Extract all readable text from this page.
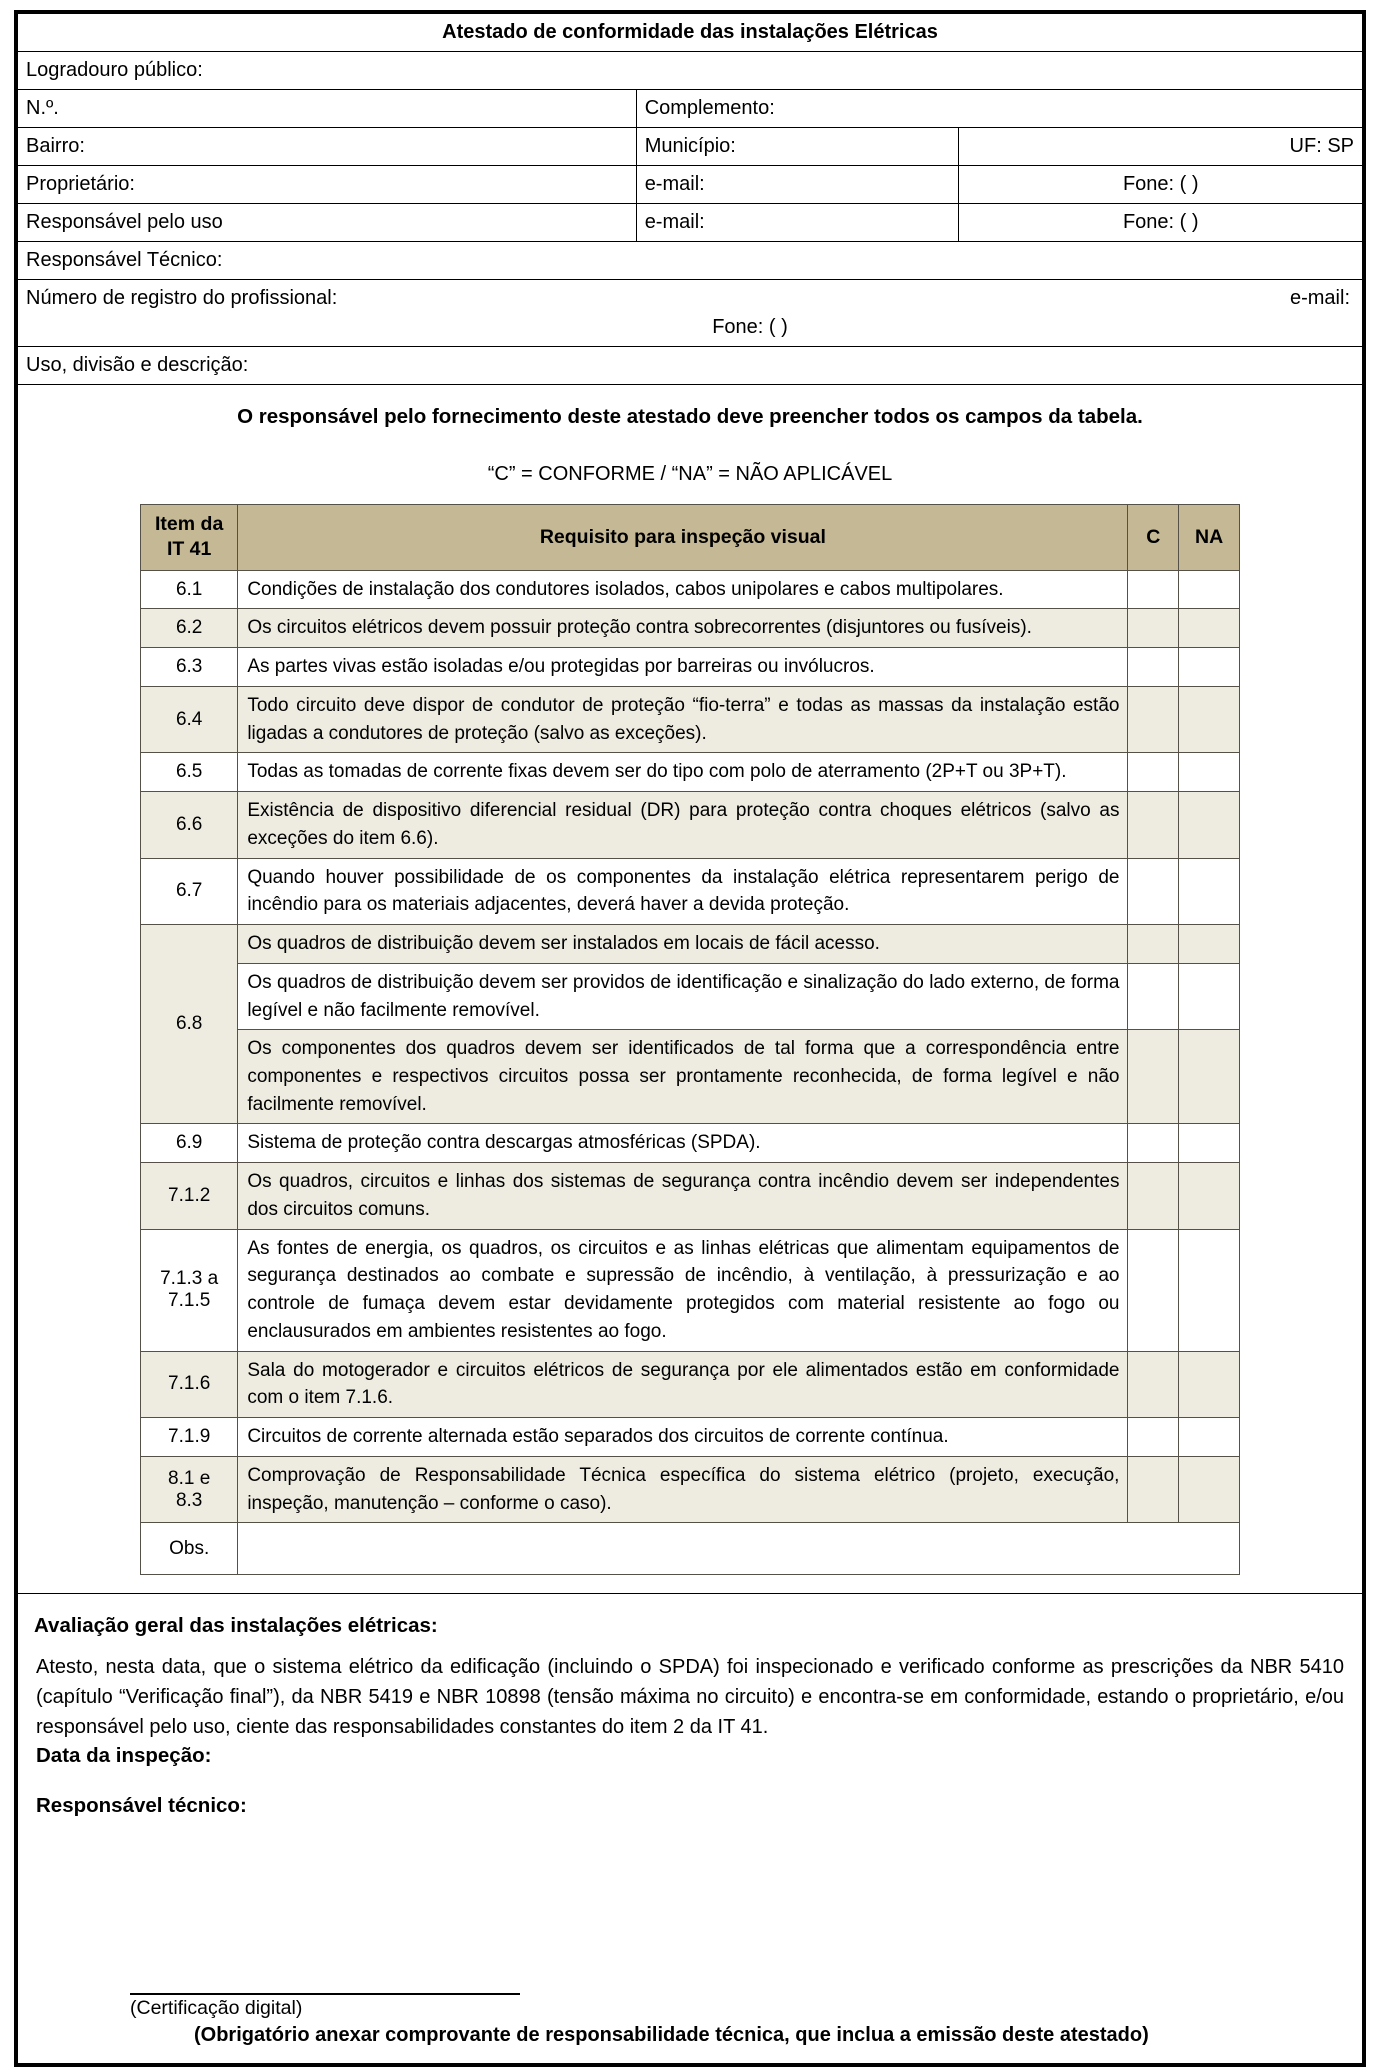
Atestado de conformidade das instalações Elétricas		
Logradouro público:		
N.º.	Complemento:	
Bairro:	Município:	UF: SP
Proprietário:	e-mail:	Fone: ( )
Responsável pelo uso	e-mail:	Fone: ( )
Responsável Técnico:		
Número de registro do profissional: e-mail:
Fone: ( )		

Uso, divisão e descrição:		

O responsável pelo fornecimento deste atestado deve preencher todos os campos da tabela.

“C” = CONFORME / “NA” = NÃO APLICÁVEL

Item da
IT 41	Requisito para inspeção visual	C	NA
6.1	Condições de instalação dos condutores isolados, cabos unipolares e cabos multipolares.		
6.2	Os circuitos elétricos devem possuir proteção contra sobrecorrentes (disjuntores ou fusíveis).		
6.3	As partes vivas estão isoladas e/ou protegidas por barreiras ou invólucros.		
6.4	Todo circuito deve dispor de condutor de proteção “fio-terra” e todas as massas da instalação estão ligadas a condutores de proteção (salvo as exceções).		
6.5	Todas as tomadas de corrente fixas devem ser do tipo com polo de aterramento (2P+T ou 3P+T).		
6.6	Existência de dispositivo diferencial residual (DR) para proteção contra choques elétricos (salvo as exceções do item 6.6).		
6.7	Quando houver possibilidade de os componentes da instalação elétrica representarem perigo de incêndio para os materiais adjacentes, deverá haver a devida proteção.		
6.8	Os quadros de distribuição devem ser instalados em locais de fácil acesso.		
	Os quadros de distribuição devem ser providos de identificação e sinalização do lado externo, de forma legível e não facilmente removível.		
	Os componentes dos quadros devem ser identificados de tal forma que a correspondência entre componentes e respectivos circuitos possa ser prontamente reconhecida, de forma legível e não facilmente removível.		
6.9	Sistema de proteção contra descargas atmosféricas (SPDA).		
7.1.2	Os quadros, circuitos e linhas dos sistemas de segurança contra incêndio devem ser independentes dos circuitos comuns.		

7.1.3 a
7.1.5	As fontes de energia, os quadros, os circuitos e as linhas elétricas que alimentam equipamentos de segurança destinados ao combate e supressão de incêndio, à ventilação, à pressurização e ao controle de fumaça devem estar devidamente protegidos com material resistente ao fogo ou enclausurados em ambientes resistentes ao fogo.		
7.1.6	Sala do motogerador e circuitos elétricos de segurança por ele alimentados estão em conformidade com o item 7.1.6.		
7.1.9	Circuitos de corrente alternada estão separados dos circuitos de corrente contínua.		

8.1 e
8.3	Comprovação de Responsabilidade Técnica específica do sistema elétrico (projeto, execução, inspeção, manutenção – conforme o caso).		
Obs.			
Avaliação geral das instalações elétricas:
Atesto, nesta data, que o sistema elétrico da edificação (incluindo o SPDA) foi inspecionado e verificado conforme as prescrições da NBR 5410 (capítulo “Verificação final”), da NBR 5419 e NBR 10898 (tensão máxima no circuito) e encontra-se em conformidade, estando o proprietário, e/ou responsável pelo uso, ciente das responsabilidades constantes do item 2 da IT 41.
Data da inspeção:
Responsável técnico:
(Certificação digital)
(Obrigatório anexar comprovante de responsabilidade técnica, que inclua a emissão deste atestado)
